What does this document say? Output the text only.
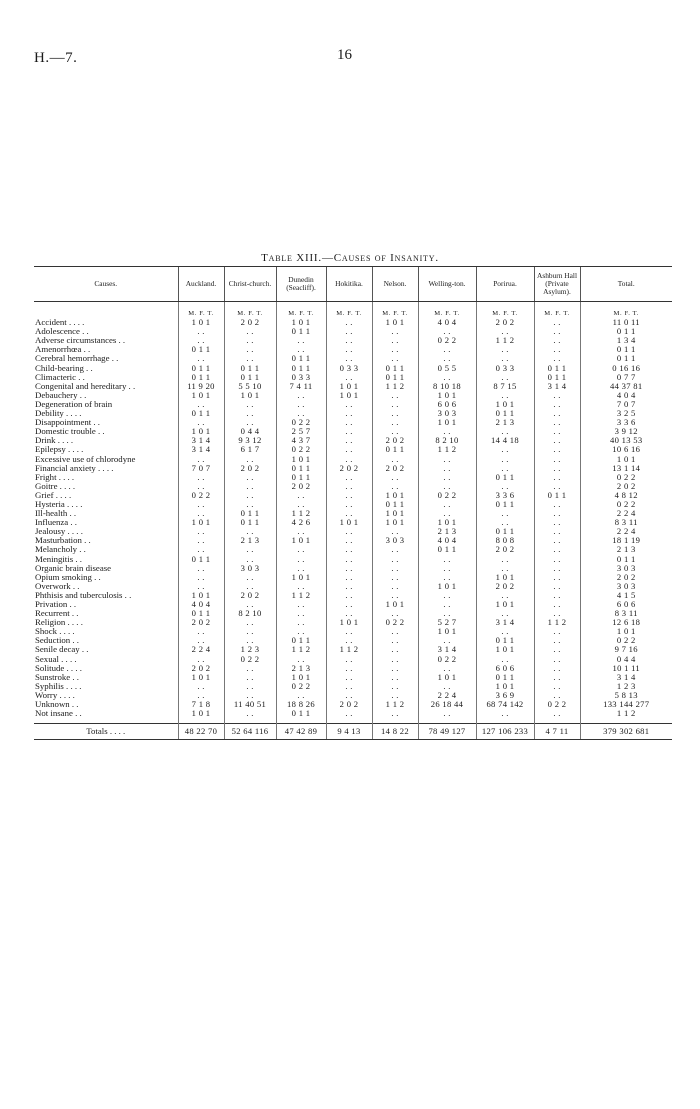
H.—7.	16
Table XIII.—Causes of Insanity.
Causes.	Auckland.	Christ-church.	Dunedin (Seacliff).	Hokitika.	Nelson.	Welling-ton.	Porirua.	Ashburn Hall (Private Asylum).	Total.
	M. F. T.	M. F. T.	M. F. T.	M. F. T.	M. F. T.	M. F. T.	M. F. T.	M. F. T.	M. F. T.
Accident . . . .	1 0 1	2 0 2	1 0 1	. .	1 0 1	4 0 4	2 0 2	. .	11 0 11
Adolescence . .	. .	. .	0 1 1	. .	. .	. .	. .	. .	0 1 1
Adverse circumstances . .	. .	. .	. .	. .	. .	0 2 2	1 1 2	. .	1 3 4
Amenorrhœa . .	0 1 1	. .	. .	. .	. .	. .	. .	. .	0 1 1
Cerebral hemorrhage . .	. .	. .	0 1 1	. .	. .	. .	. .	. .	0 1 1
Child-bearing . .	0 1 1	0 1 1	0 1 1	0 3 3	0 1 1	0 5 5	0 3 3	0 1 1	0 16 16
Climacteric . .	0 1 1	0 1 1	0 3 3	. .	0 1 1	. .	. .	0 1 1	0 7 7
Congenital and hereditary . .	11 9 20	5 5 10	7 4 11	1 0 1	1 1 2	8 10 18	8 7 15	3 1 4	44 37 81
Debauchery . .	1 0 1	1 0 1	. .	1 0 1	. .	1 0 1	. .	. .	4 0 4
Degeneration of brain	. .	. .	. .	. .	. .	6 0 6	1 0 1	. .	7 0 7
Debility . . . .	0 1 1	. .	. .	. .	. .	3 0 3	0 1 1	. .	3 2 5
Disappointment . .	. .	. .	0 2 2	. .	. .	1 0 1	2 1 3	. .	3 3 6
Domestic trouble . .	1 0 1	0 4 4	2 5 7	. .	. .	. .	. .	. .	3 9 12
Drink . . . .	3 1 4	9 3 12	4 3 7	. .	2 0 2	8 2 10	14 4 18	. .	40 13 53
Epilepsy . . . .	3 1 4	6 1 7	0 2 2	. .	0 1 1	1 1 2	. .	. .	10 6 16
Excessive use of chlorodyne	. .	. .	1 0 1	. .	. .	. .	. .	. .	1 0 1
Financial anxiety . . . .	7 0 7	2 0 2	0 1 1	2 0 2	2 0 2	. .	. .	. .	13 1 14
Fright . . . .	. .	. .	0 1 1	. .	. .	. .	0 1 1	. .	0 2 2
Goitre . . . .	. .	. .	2 0 2	. .	. .	. .	. .	. .	2 0 2
Grief . . . .	0 2 2	. .	. .	. .	1 0 1	0 2 2	3 3 6	0 1 1	4 8 12
Hysteria . . . .	. .	. .	. .	. .	0 1 1	. .	0 1 1	. .	0 2 2
Ill-health . .	. .	0 1 1	1 1 2	. .	1 0 1	. .	. .	. .	2 2 4
Influenza . .	1 0 1	0 1 1	4 2 6	1 0 1	1 0 1	1 0 1	. .	. .	8 3 11
Jealousy . . . .	. .	. .	. .	. .	. .	2 1 3	0 1 1	. .	2 2 4
Masturbation . .	. .	2 1 3	1 0 1	. .	3 0 3	4 0 4	8 0 8	. .	18 1 19
Melancholy . .	. .	. .	. .	. .	. .	0 1 1	2 0 2	. .	2 1 3
Meningitis . .	0 1 1	. .	. .	. .	. .	. .	. .	. .	0 1 1
Organic brain disease	. .	3 0 3	. .	. .	. .	. .	. .	. .	3 0 3
Opium smoking . .	. .	. .	1 0 1	. .	. .	. .	1 0 1	. .	2 0 2
Overwork . .	. .	. .	. .	. .	. .	1 0 1	2 0 2	. .	3 0 3
Phthisis and tuberculosis . .	1 0 1	2 0 2	1 1 2	. .	. .	. .	. .	. .	4 1 5
Privation . .	4 0 4	. .	. .	. .	1 0 1	. .	1 0 1	. .	6 0 6
Recurrent . .	0 1 1	8 2 10	. .	. .	. .	. .	. .	. .	8 3 11
Religion . . . .	2 0 2	. .	. .	1 0 1	0 2 2	5 2 7	3 1 4	1 1 2	12 6 18
Shock . . . .	. .	. .	. .	. .	. .	1 0 1	. .	. .	1 0 1
Seduction . .	. .	. .	0 1 1	. .	. .	. .	0 1 1	. .	0 2 2
Senile decay . .	2 2 4	1 2 3	1 1 2	1 1 2	. .	3 1 4	1 0 1	. .	9 7 16
Sexual . . . .	. .	0 2 2	. .	. .	. .	0 2 2	. .	. .	0 4 4
Solitude . . . .	2 0 2	. .	2 1 3	. .	. .	. .	6 0 6	. .	10 1 11
Sunstroke . .	1 0 1	. .	1 0 1	. .	. .	1 0 1	0 1 1	. .	3 1 4
Syphilis . . . .	. .	. .	0 2 2	. .	. .	. .	1 0 1	. .	1 2 3
Worry . . . .	. .	. .	. .	. .	. .	2 2 4	3 6 9	. .	5 8 13
Unknown . .	7 1 8	11 40 51	18 8 26	2 0 2	1 1 2	26 18 44	68 74 142	0 2 2	133 144 277
Not insane . .	1 0 1	. .	0 1 1	. .	. .	. .	. .	. .	1 1 2

Totals . . . .	48 22 70	52 64 116	47 42 89	9 4 13	14 8 22	78 49 127	127 106 233	4 7 11	379 302 681
